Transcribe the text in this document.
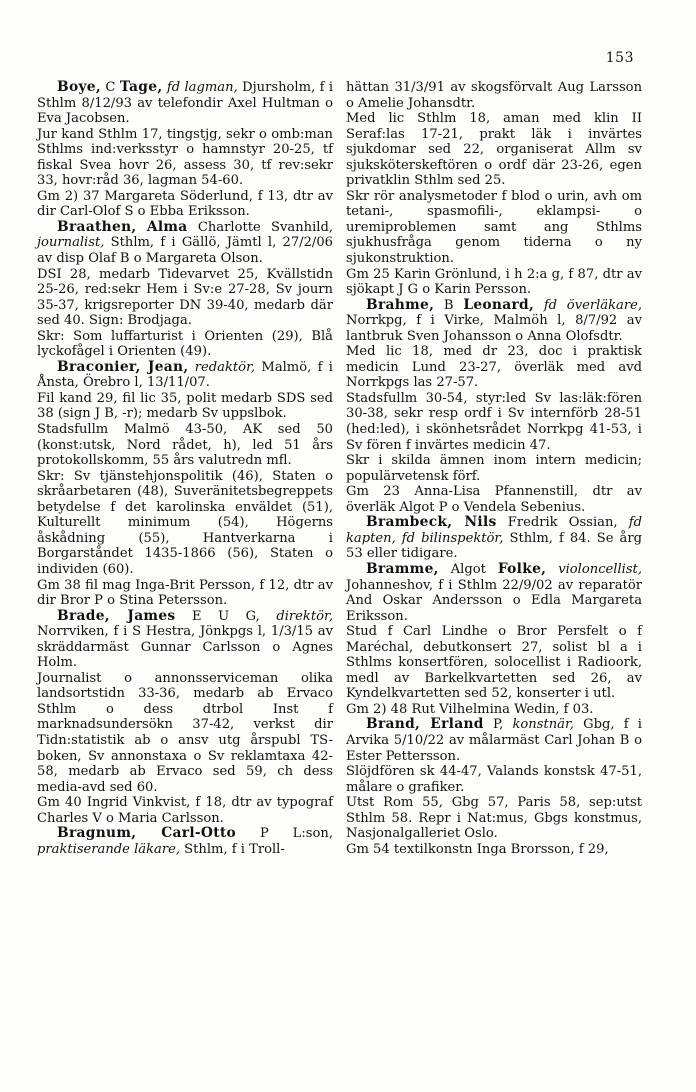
153

Boye, C Tage, fd lagman, Djursholm, f i Sthlm 8/12/93 av telefondir Axel Hultman o Eva Jacobsen.

Jur kand Sthlm 17, tingstjg, sekr o omb:man Sthlms ind:verksstyr o hamnstyr 20-25, tf fiskal Svea hovr 26, assess 30, tf rev:sekr 33, hovr:råd 36, lagman 54-60.

Gm 2) 37 Margareta Söderlund, f 13, dtr av dir Carl-Olof S o Ebba Eriksson.

Braathen, Alma Charlotte Svanhild, journalist, Sthlm, f i Gällö, Jämtl l, 27/2/06 av disp Olaf B o Margareta Olson.

DSI 28, medarb Tidevarvet 25, Kvällstidn 25-26, red:sekr Hem i Sv:e 27-28, Sv journ 35-37, krigsreporter DN 39-40, medarb där sed 40. Sign: Brodjaga.

Skr: Som luffarturist i Orienten (29), Blå lyckofågel i Orienten (49).

Braconier, Jean, redaktör, Malmö, f i Ånsta, Örebro l, 13/11/07.

Fil kand 29, fil lic 35, polit medarb SDS sed 38 (sign J B, -r); medarb Sv uppslbok.

Stadsfullm Malmö 43-50, AK sed 50 (konst:utsk, Nord rådet, h), led 51 års protokollskomm, 55 års valutredn mfl.

Skr: Sv tjänstehjonspolitik (46), Staten o skråarbetaren (48), Suveränitetsbegreppets betydelse f det karolinska enväldet (51), Kulturellt minimum (54), Högerns åskådning (55), Hantverkarna i Borgarståndet 1435-1866 (56), Staten o individen (60).

Gm 38 fil mag Inga-Brit Persson, f 12, dtr av dir Bror P o Stina Petersson.

Brade, James E U G, direktör, Norrviken, f i S Hestra, Jönkpgs l, 1/3/15 av skräddarmäst Gunnar Carlsson o Agnes Holm.

Journalist o annonsserviceman olika landsortstidn 33-36, medarb ab Ervaco Sthlm o dess dtrbol Inst f marknadsundersökn 37-42, verkst dir Tidn:statistik ab o ansv utg årspubl TS-boken, Sv annonstaxa o Sv reklamtaxa 42-58, medarb ab Ervaco sed 59, ch dess media-avd sed 60.

Gm 40 Ingrid Vinkvist, f 18, dtr av typograf Charles V o Maria Carlsson.

Bragnum, Carl-Otto P L:son, praktiserande läkare, Sthlm, f i Troll-

hättan 31/3/91 av skogsförvalt Aug Larsson o Amelie Johansdtr.

Med lic Sthlm 18, aman med klin II Seraf:las 17-21, prakt läk i invärtes sjukdomar sed 22, organiserat Allm sv sjuksköterskeftören o ordf där 23-26, egen privatklin Sthlm sed 25.

Skr rör analysmetoder f blod o urin, avh om tetani-, spasmofili-, eklampsi- o uremiproblemen samt ang Sthlms sjukhusfråga genom tiderna o ny sjukonstruktion.

Gm 25 Karin Grönlund, i h 2:a g, f 87, dtr av sjökapt J G o Karin Persson.

Brahme, B Leonard, fd överläkare, Norrkpg, f i Virke, Malmöh l, 8/7/92 av lantbruk Sven Johansson o Anna Olofsdtr.

Med lic 18, med dr 23, doc i praktisk medicin Lund 23-27, överläk med avd Norrkpgs las 27-57.

Stadsfullm 30-54, styr:led Sv las:läk:fören 30-38, sekr resp ordf i Sv internförb 28-51 (hed:led), i skönhetsrådet Norrkpg 41-53, i Sv fören f invärtes medicin 47.

Skr i skilda ämnen inom intern medicin; populärvetensk förf.

Gm 23 Anna-Lisa Pfannenstill, dtr av överläk Algot P o Vendela Sebenius.

Brambeck, Nils Fredrik Ossian, fd kapten, fd bilinspektör, Sthlm, f 84. Se årg 53 eller tidigare.

Bramme, Algot Folke, violoncellist, Johanneshov, f i Sthlm 22/9/02 av reparatör And Oskar Andersson o Edla Margareta Eriksson.

Stud f Carl Lindhe o Bror Persfelt o f Maréchal, debutkonsert 27, solist bl a i Sthlms konsertfören, solocellist i Radioork, medl av Barkelkvartetten sed 26, av Kyndelkvartetten sed 52, konserter i utl.

Gm 2) 48 Rut Vilhelmina Wedin, f 03.

Brand, Erland P, konstnär, Gbg, f i Arvika 5/10/22 av målarmäst Carl Johan B o Ester Pettersson.

Slöjdfören sk 44-47, Valands konstsk 47-51, målare o grafiker.

Utst Rom 55, Gbg 57, Paris 58, sep:utst Sthlm 58. Repr i Nat:mus, Gbgs konstmus, Nasjonalgalleriet Oslo.

Gm 54 textilkonstn Inga Brorsson, f 29,
